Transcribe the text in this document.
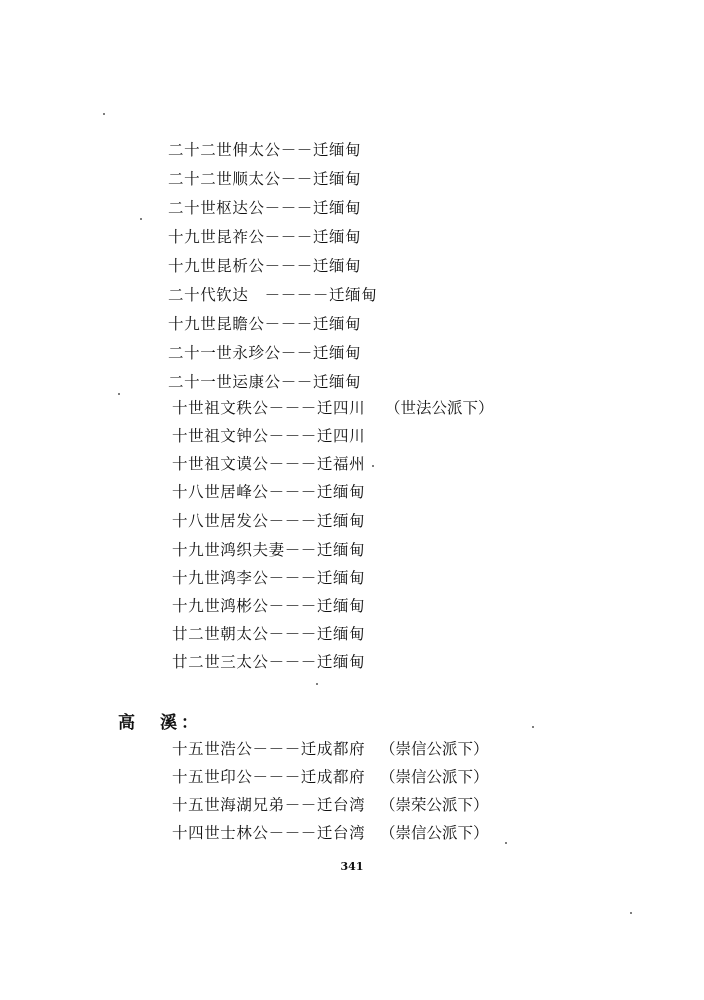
二十二世伸太公－－迁缅甸
二十二世顺太公－－迁缅甸
二十世枢达公－－－迁缅甸
十九世昆祚公－－－迁缅甸
十九世昆析公－－－迁缅甸
二十代钦达　－－－－迁缅甸
十九世昆瞻公－－－迁缅甸
二十一世永珍公－－迁缅甸
二十一世运康公－－迁缅甸
十世祖文秩公－－－迁四川 （世法公派下）
十世祖文钟公－－－迁四川
十世祖文谟公－－－迁福州
十八世居峰公－－－迁缅甸
十八世居发公－－－迁缅甸
十九世鸿织夫妻－－迁缅甸
十九世鸿李公－－－迁缅甸
十九世鸿彬公－－－迁缅甸
廿二世朝太公－－－迁缅甸
廿二世三太公－－－迁缅甸
高　溪：
十五世浩公－－－迁成都府 （崇信公派下）
十五世印公－－－迁成都府 （崇信公派下）
十五世海湖兄弟－－迁台湾 （崇荣公派下）
十四世士林公－－－迁台湾 （崇信公派下）
341
